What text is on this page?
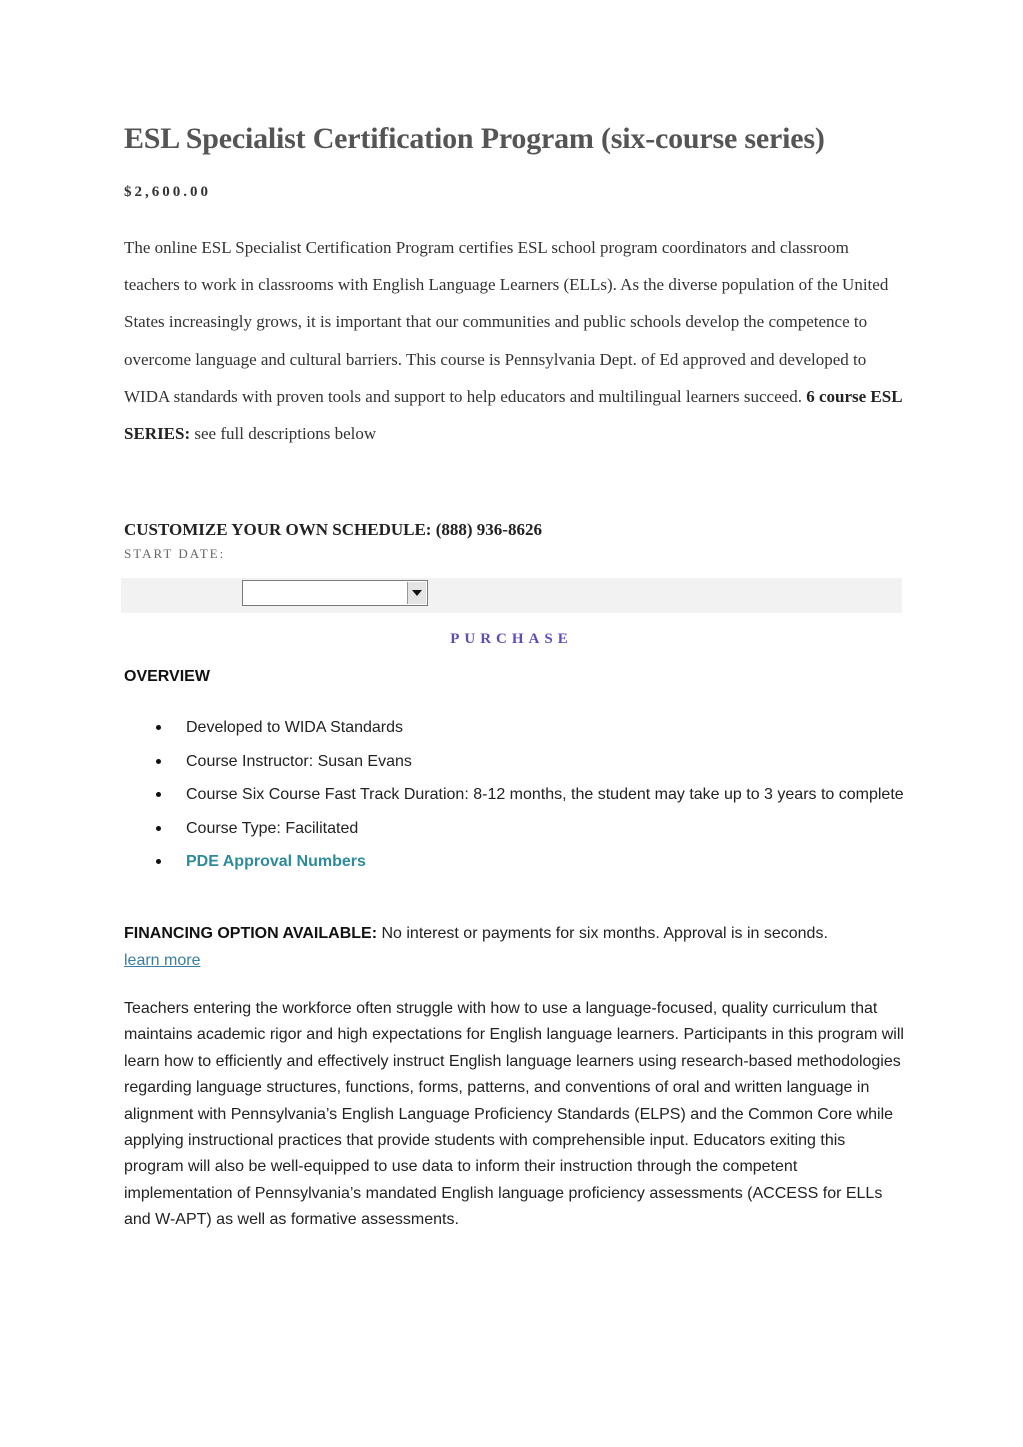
ESL Specialist Certification Program (six-course series)
$2,600.00

The online ESL Specialist Certification Program certifies ESL school program coordinators and classroom teachers to work in classrooms with English Language Learners (ELLs). As the diverse population of the United States increasingly grows, it is important that our communities and public schools develop the competence to overcome language and cultural barriers. This course is Pennsylvania Dept. of Ed approved and developed to WIDA standards with proven tools and support to help educators and multilingual learners succeed. 6 course ESL SERIES: see full descriptions below

CUSTOMIZE YOUR OWN SCHEDULE: (888) 936-8626
START DATE:
PURCHASE
OVERVIEW
Developed to WIDA Standards
Course Instructor: Susan Evans
Course Six Course Fast Track Duration: 8-12 months, the student may take up to 3 years to complete
Course Type: Facilitated
PDE Approval Numbers

FINANCING OPTION AVAILABLE: No interest or payments for six months. Approval is in seconds.
learn more

Teachers entering the workforce often struggle with how to use a language-focused, quality curriculum that maintains academic rigor and high expectations for English language learners. Participants in this program will learn how to efficiently and effectively instruct English language learners using research-based methodologies regarding language structures, functions, forms, patterns, and conventions of oral and written language in alignment with Pennsylvania’s English Language Proficiency Standards (ELPS) and the Common Core while applying instructional practices that provide students with comprehensible input. Educators exiting this program will also be well-equipped to use data to inform their instruction through the competent implementation of Pennsylvania’s mandated English language proficiency assessments (ACCESS for ELLs and W-APT) as well as formative assessments.
